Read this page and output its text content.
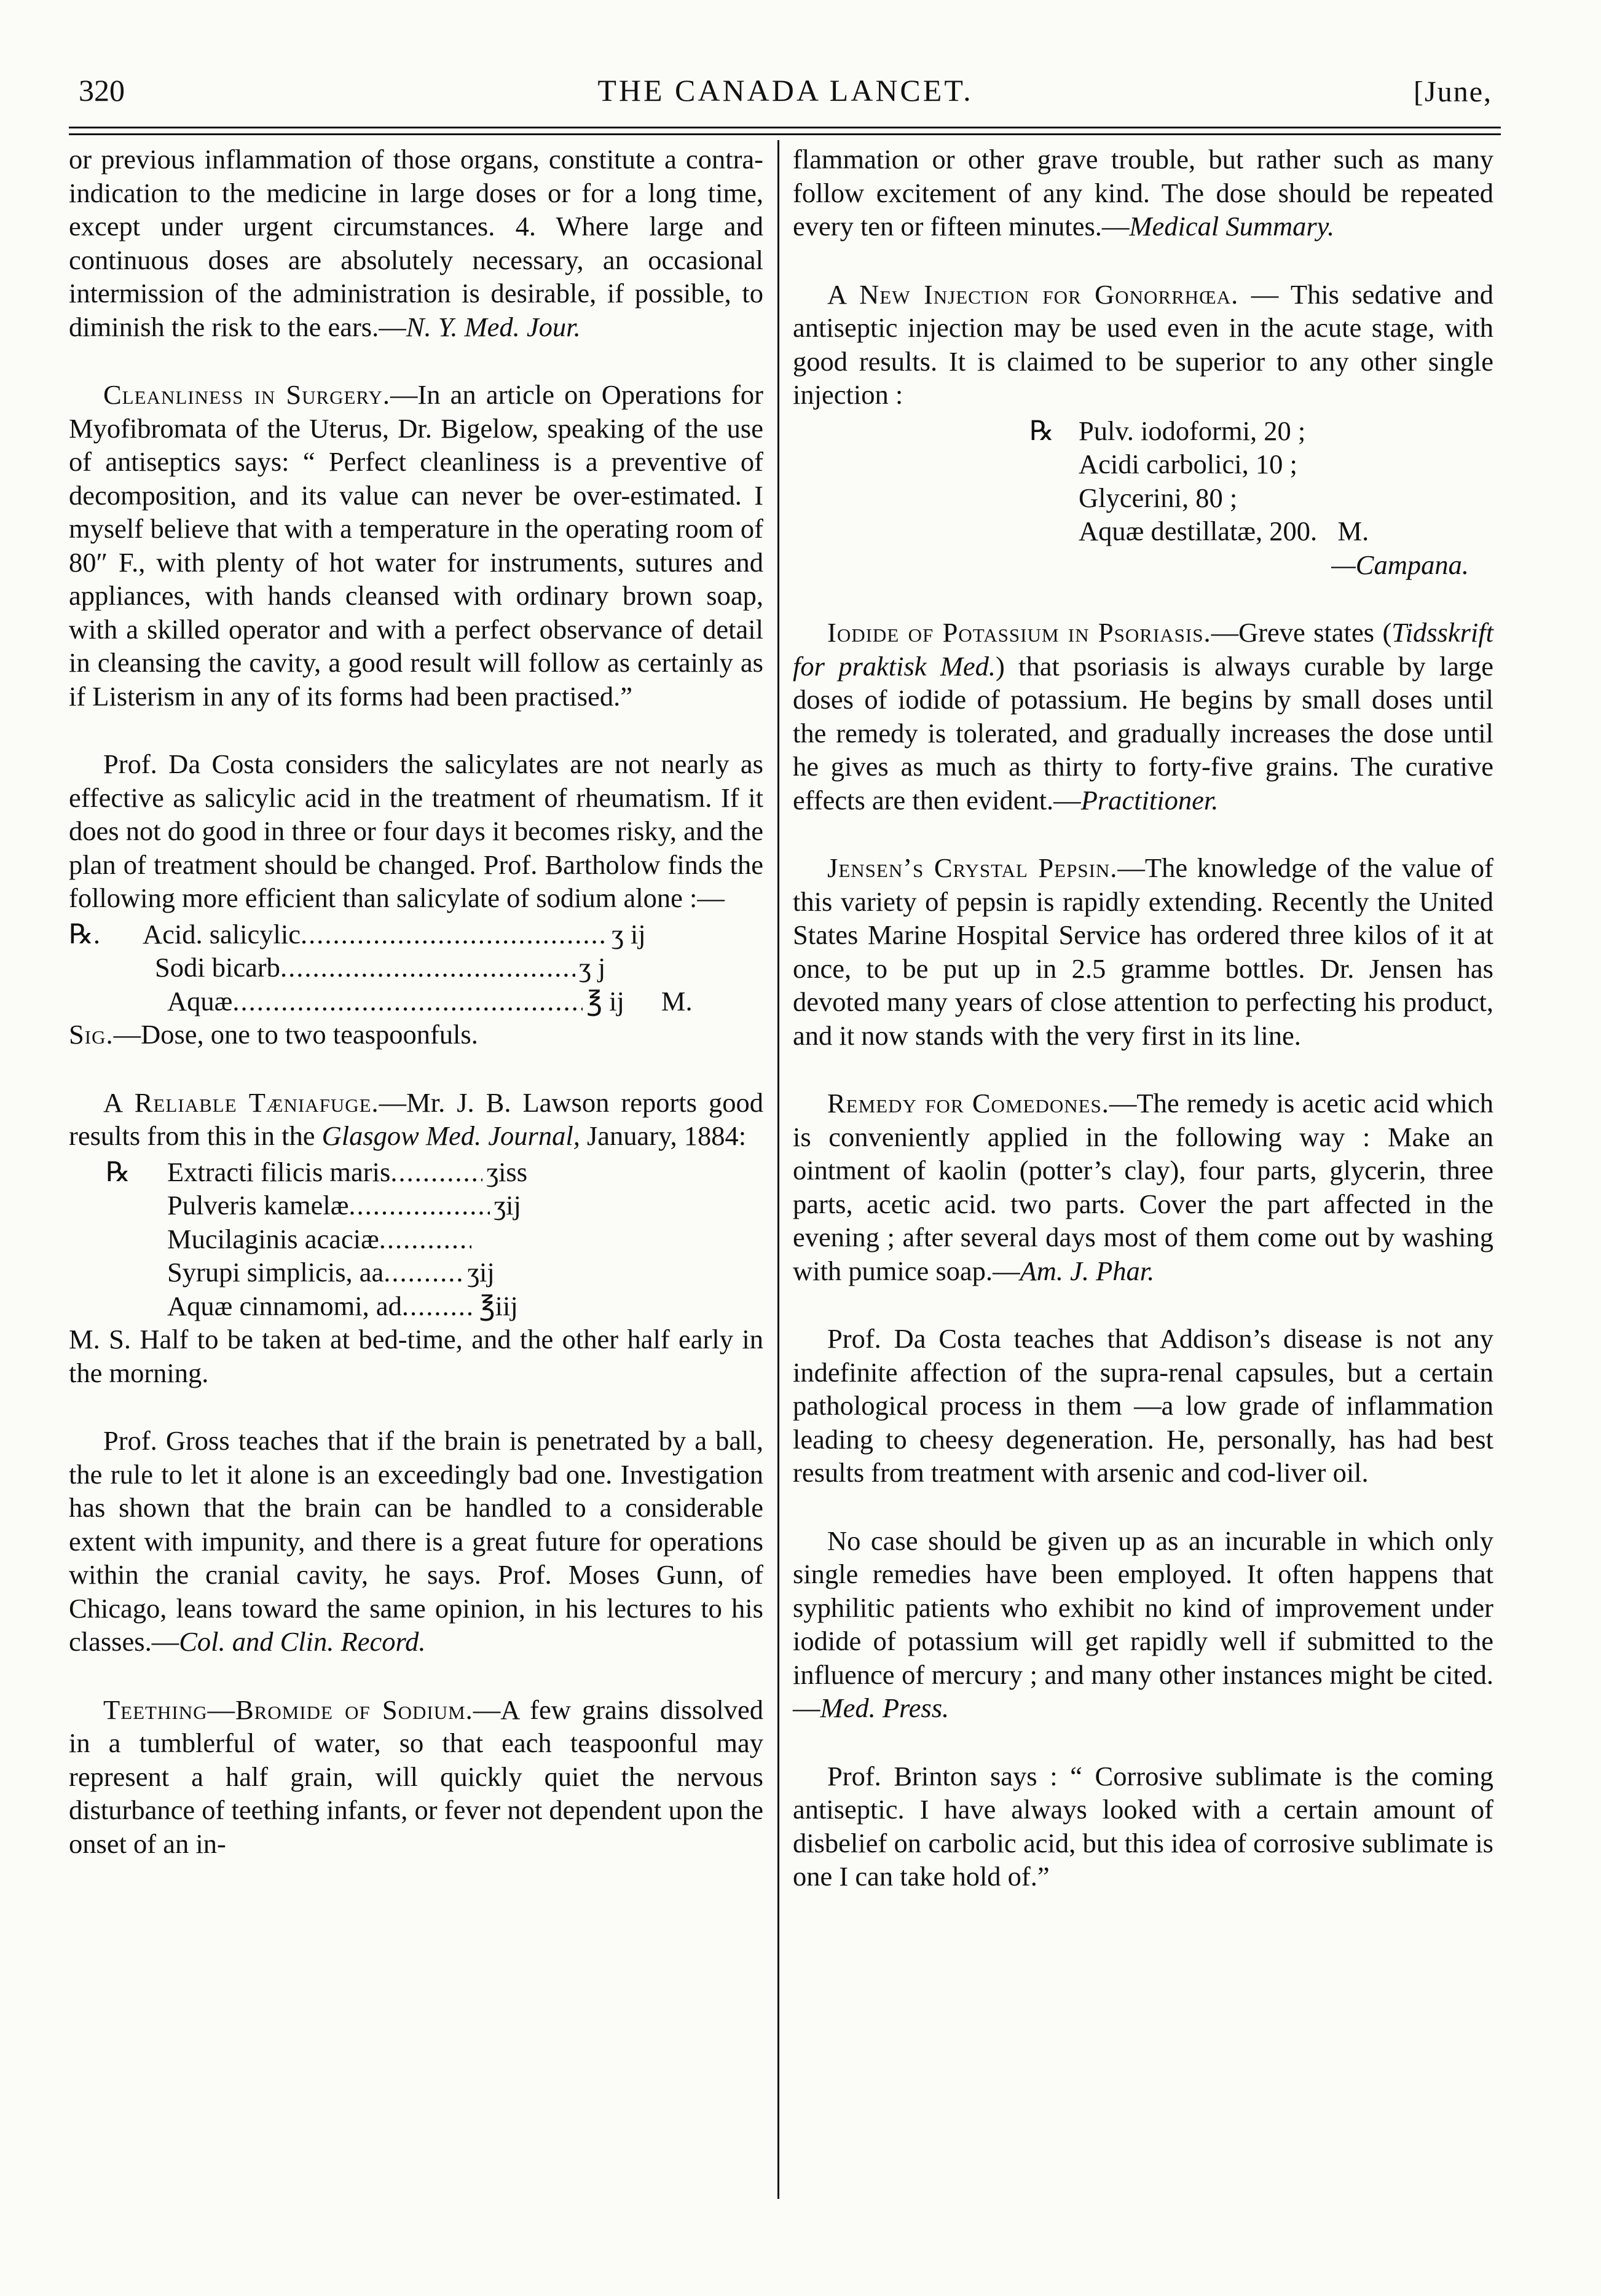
320	THE CANADA LANCET.	[June,

or previous inflammation of those organs, constitute a contra-indication to the medicine in large doses or for a long time, except under urgent circumstances. 4. Where large and continuous doses are absolutely necessary, an occasional intermission of the administration is desirable, if possible, to diminish the risk to the ears.—N. Y. Med. Jour.

Cleanliness in Surgery.—In an article on Operations for Myofibromata of the Uterus, Dr. Bigelow, speaking of the use of antiseptics says: “ Perfect cleanliness is a preventive of decomposition, and its value can never be over-estimated. I myself believe that with a temperature in the operating room of 80″ F., with plenty of hot water for instruments, sutures and appliances, with hands cleansed with ordinary brown soap, with a skilled operator and with a perfect observance of detail in cleansing the cavity, a good result will follow as certainly as if Listerism in any of its forms had been practised.”

Prof. Da Costa considers the salicylates are not nearly as effective as salicylic acid in the treatment of rheumatism. If it does not do good in three or four days it becomes risky, and the plan of treatment should be changed. Prof. Bartholow finds the following more efficient than salicylate of sodium alone :—

℞.	Acid. salicylic .....	ʒ ij
Sodi bicarb .....	ʒ j
Aquæ .....	℥ ij	M.

Sig.—Dose, one to two teaspoonfuls.

A Reliable Tæniafuge.—Mr. J. B. Lawson reports good results from this in the Glasgow Med. Journal, January, 1884:

℞	Extracti filicis maris .....	ʒiss
Pulveris kamelæ .....	ʒij
Mucilaginis acaciæ
.....
Syrupi simplicis, aa .....	ʒij
Aquæ cinnamomi, ad .....	℥iij

M. S. Half to be taken at bed-time, and the other half early in the morning.

Prof. Gross teaches that if the brain is penetrated by a ball, the rule to let it alone is an exceedingly bad one. Investigation has shown that the brain can be handled to a considerable extent with impunity, and there is a great future for operations within the cranial cavity, he says. Prof. Moses Gunn, of Chicago, leans toward the same opinion, in his lectures to his classes.—Col. and Clin. Record.

Teething—Bromide of Sodium.—A few grains dissolved in a tumblerful of water, so that each teaspoonful may represent a half grain, will quickly quiet the nervous disturbance of teething infants, or fever not dependent upon the onset of an in-

flammation or other grave trouble, but rather such as many follow excitement of any kind. The dose should be repeated every ten or fifteen minutes.—Medical Summary.

A New Injection for Gonorrhœa. — This sedative and antiseptic injection may be used even in the acute stage, with good results. It is claimed to be superior to any other single injection :

℞ Pulv. iodoformi, 20 ;
Acidi carbolici, 10 ;
Glycerini, 80 ;
Aquæ destillatæ, 200.   M.

—Campana.

Iodide of Potassium in Psoriasis.—Greve states (Tidsskrift for praktisk Med.) that psoriasis is always curable by large doses of iodide of potassium. He begins by small doses until the remedy is tolerated, and gradually increases the dose until he gives as much as thirty to forty-five grains. The curative effects are then evident.—Practitioner.

Jensen’s Crystal Pepsin.—The knowledge of the value of this variety of pepsin is rapidly extending. Recently the United States Marine Hospital Service has ordered three kilos of it at once, to be put up in 2.5 gramme bottles. Dr. Jensen has devoted many years of close attention to perfecting his product, and it now stands with the very first in its line.

Remedy for Comedones.—The remedy is acetic acid which is conveniently applied in the following way : Make an ointment of kaolin (potter’s clay), four parts, glycerin, three parts, acetic acid. two parts. Cover the part affected in the evening ; after several days most of them come out by washing with pumice soap.—Am. J. Phar.

Prof. Da Costa teaches that Addison’s disease is not any indefinite affection of the supra-renal capsules, but a certain pathological process in them —a low grade of inflammation leading to cheesy degeneration. He, personally, has had best results from treatment with arsenic and cod-liver oil.

No case should be given up as an incurable in which only single remedies have been employed. It often happens that syphilitic patients who exhibit no kind of improvement under iodide of potassium will get rapidly well if submitted to the influence of mercury ; and many other instances might be cited.—Med. Press.

Prof. Brinton says : “ Corrosive sublimate is the coming antiseptic. I have always looked with a certain amount of disbelief on carbolic acid, but this idea of corrosive sublimate is one I can take hold of.”
